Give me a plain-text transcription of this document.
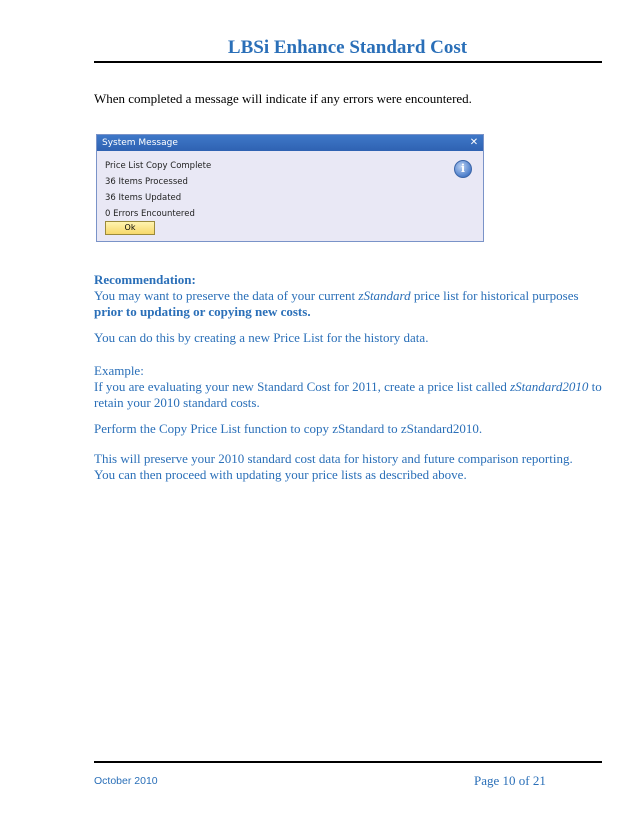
LBSi Enhance Standard Cost
When completed a message will indicate if any errors were encountered.
System Message	✕
Price List Copy Complete
36 Items Processed
36 Items Updated
0 Errors Encountered
i
Ok
Recommendation:
You may want to preserve the data of your current zStandard price list for historical purposes prior to updating or copying new costs.
You can do this by creating a new Price List for the history data.
Example:
If you are evaluating your new Standard Cost for 2011, create a price list called zStandard2010 to retain your 2010 standard costs.
Perform the Copy Price List function to copy zStandard to zStandard2010.
This will preserve your 2010 standard cost data for history and future comparison reporting. You can then proceed with updating your price lists as described above.
October 2010	Page 10 of 21
